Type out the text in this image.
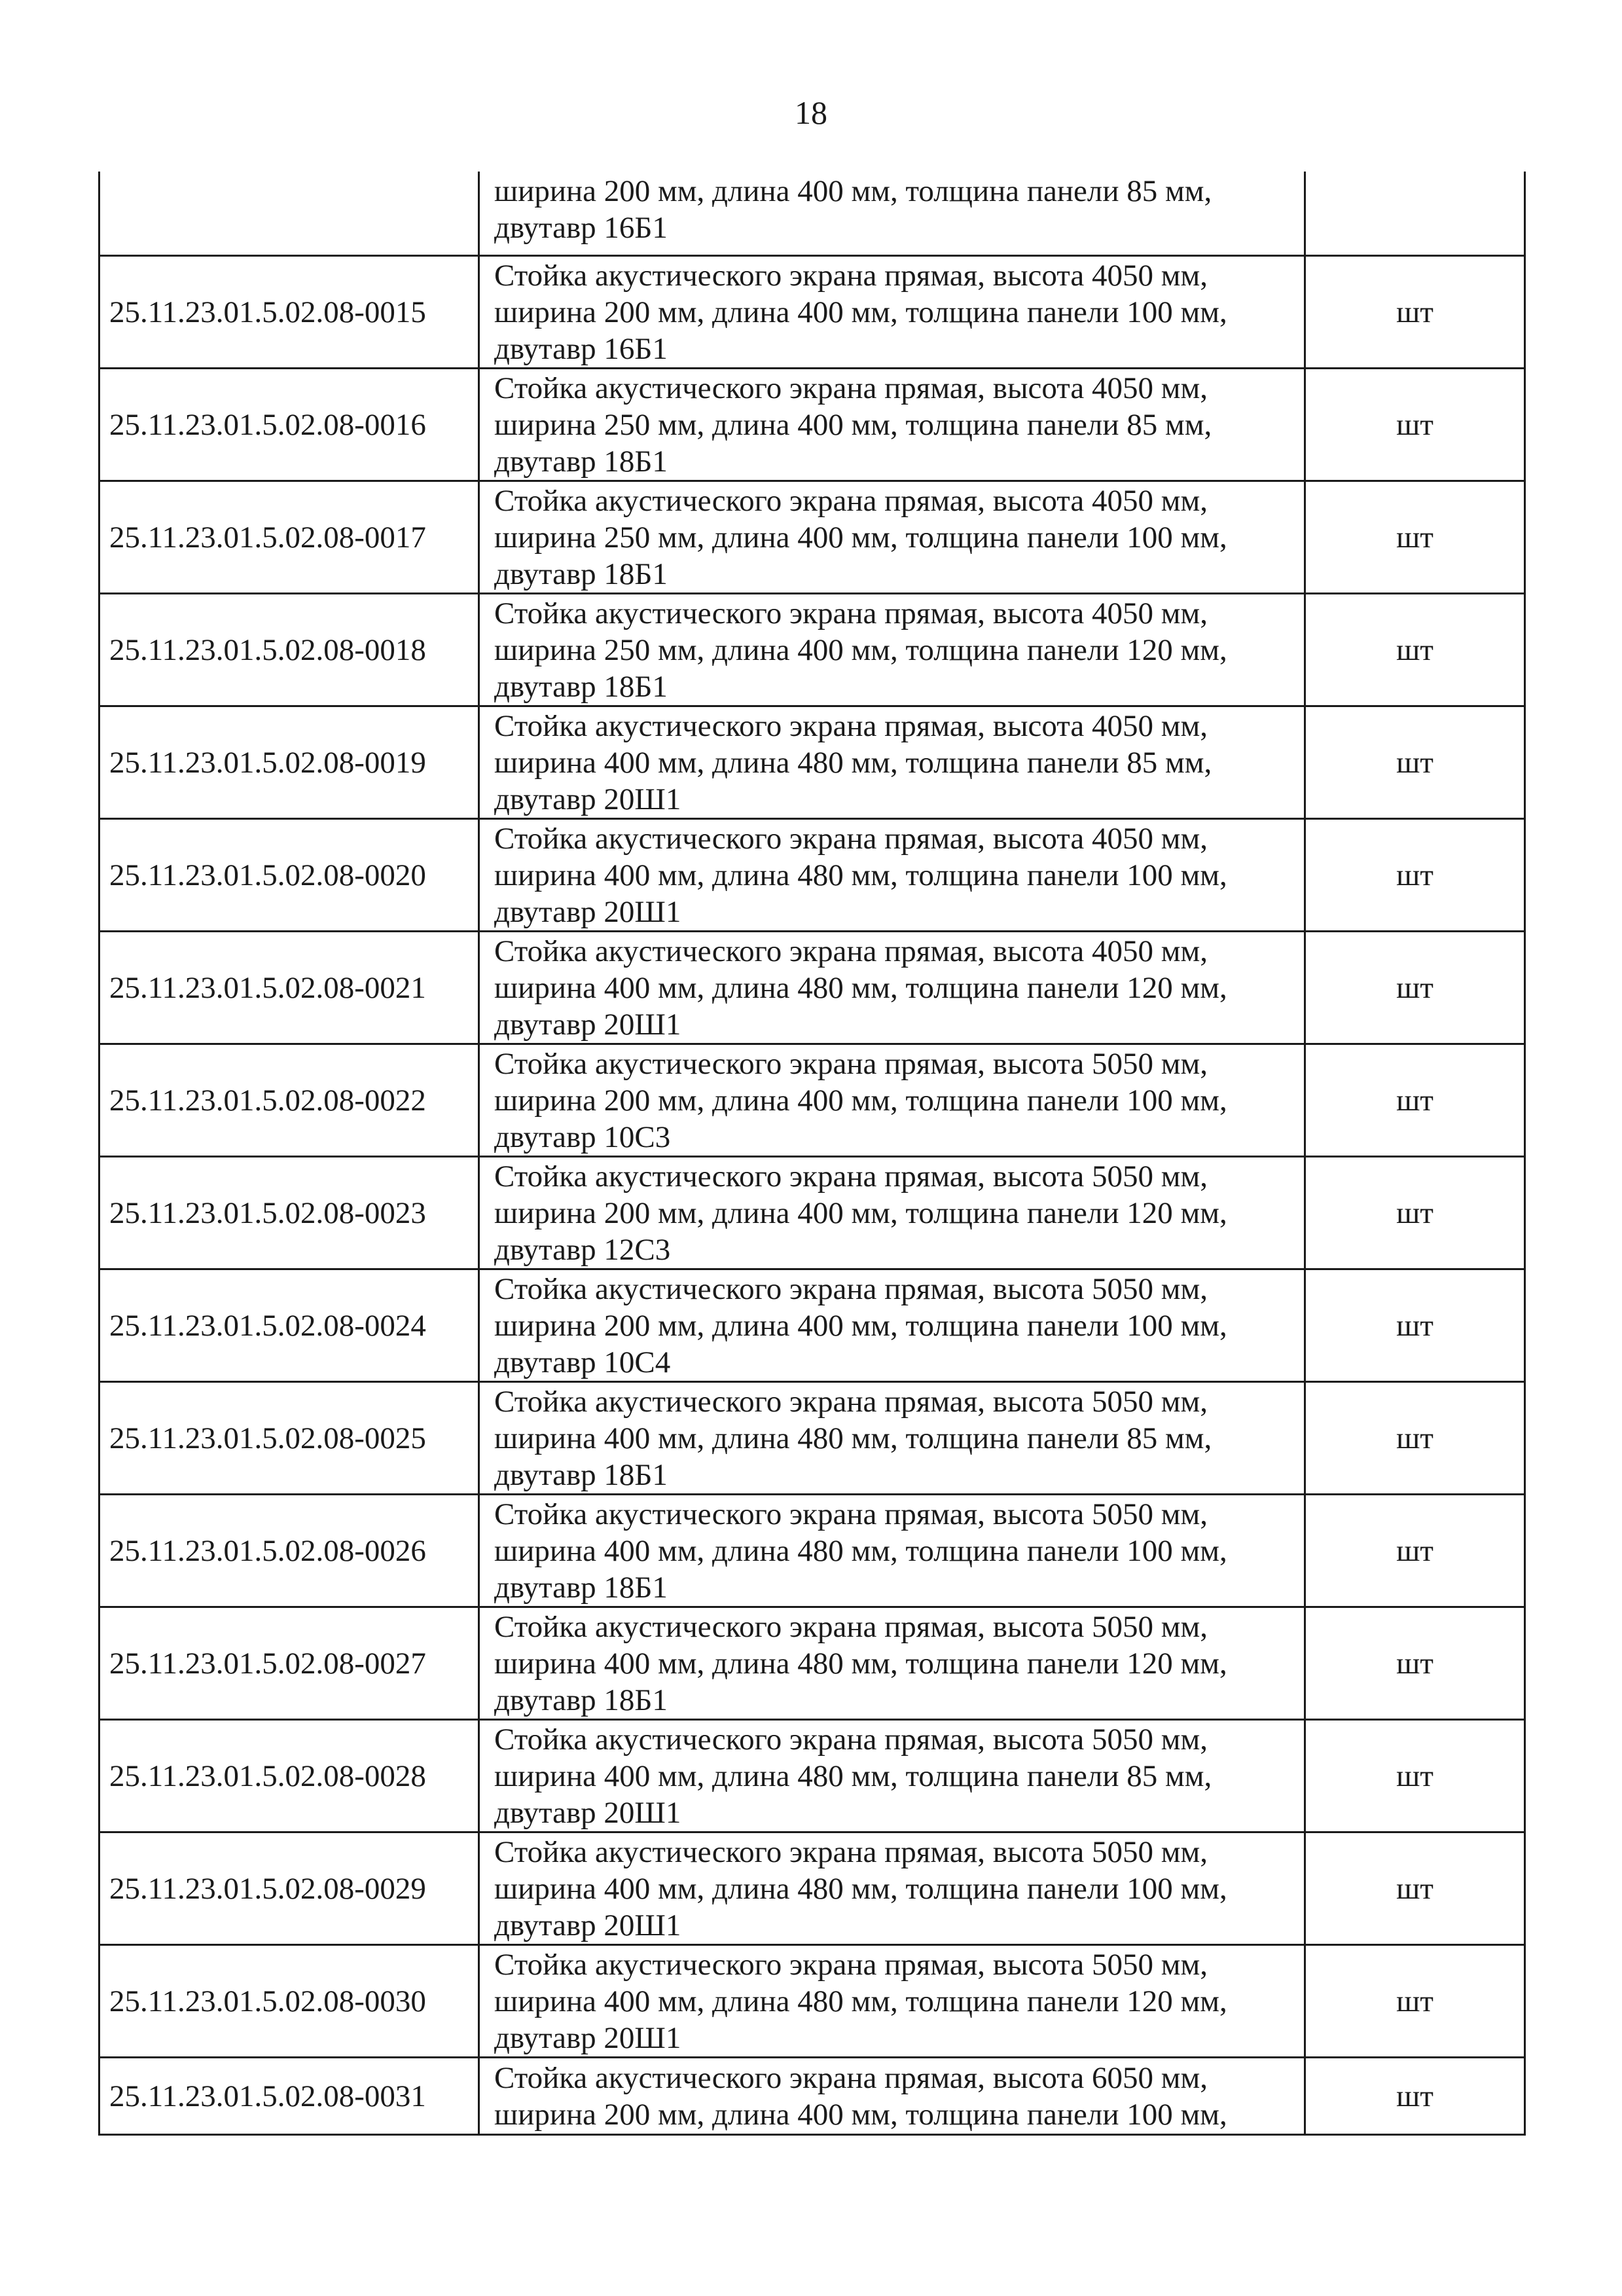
18

	ширина 200 мм, длина 400 мм, толщина панели 85 мм,
двутавр 16Б1	

25.11.23.01.5.02.08-0015	Стойка акустического экрана прямая, высота 4050 мм,
ширина 200 мм, длина 400 мм, толщина панели 100 мм,
двутавр 16Б1	шт
25.11.23.01.5.02.08-0016	Стойка акустического экрана прямая, высота 4050 мм,
ширина 250 мм, длина 400 мм, толщина панели 85 мм,
двутавр 18Б1	шт
25.11.23.01.5.02.08-0017	Стойка акустического экрана прямая, высота 4050 мм,
ширина 250 мм, длина 400 мм, толщина панели 100 мм,
двутавр 18Б1	шт
25.11.23.01.5.02.08-0018	Стойка акустического экрана прямая, высота 4050 мм,
ширина 250 мм, длина 400 мм, толщина панели 120 мм,
двутавр 18Б1	шт
25.11.23.01.5.02.08-0019	Стойка акустического экрана прямая, высота 4050 мм,
ширина 400 мм, длина 480 мм, толщина панели 85 мм,
двутавр 20Ш1	шт
25.11.23.01.5.02.08-0020	Стойка акустического экрана прямая, высота 4050 мм,
ширина 400 мм, длина 480 мм, толщина панели 100 мм,
двутавр 20Ш1	шт
25.11.23.01.5.02.08-0021	Стойка акустического экрана прямая, высота 4050 мм,
ширина 400 мм, длина 480 мм, толщина панели 120 мм,
двутавр 20Ш1	шт
25.11.23.01.5.02.08-0022	Стойка акустического экрана прямая, высота 5050 мм,
ширина 200 мм, длина 400 мм, толщина панели 100 мм,
двутавр 10С3	шт
25.11.23.01.5.02.08-0023	Стойка акустического экрана прямая, высота 5050 мм,
ширина 200 мм, длина 400 мм, толщина панели 120 мм,
двутавр 12С3	шт
25.11.23.01.5.02.08-0024	Стойка акустического экрана прямая, высота 5050 мм,
ширина 200 мм, длина 400 мм, толщина панели 100 мм,
двутавр 10С4	шт
25.11.23.01.5.02.08-0025	Стойка акустического экрана прямая, высота 5050 мм,
ширина 400 мм, длина 480 мм, толщина панели 85 мм,
двутавр 18Б1	шт
25.11.23.01.5.02.08-0026	Стойка акустического экрана прямая, высота 5050 мм,
ширина 400 мм, длина 480 мм, толщина панели 100 мм,
двутавр 18Б1	шт
25.11.23.01.5.02.08-0027	Стойка акустического экрана прямая, высота 5050 мм,
ширина 400 мм, длина 480 мм, толщина панели 120 мм,
двутавр 18Б1	шт
25.11.23.01.5.02.08-0028	Стойка акустического экрана прямая, высота 5050 мм,
ширина 400 мм, длина 480 мм, толщина панели 85 мм,
двутавр 20Ш1	шт
25.11.23.01.5.02.08-0029	Стойка акустического экрана прямая, высота 5050 мм,
ширина 400 мм, длина 480 мм, толщина панели 100 мм,
двутавр 20Ш1	шт
25.11.23.01.5.02.08-0030	Стойка акустического экрана прямая, высота 5050 мм,
ширина 400 мм, длина 480 мм, толщина панели 120 мм,
двутавр 20Ш1	шт
25.11.23.01.5.02.08-0031	Стойка акустического экрана прямая, высота 6050 мм,
ширина 200 мм, длина 400 мм, толщина панели 100 мм,	шт
